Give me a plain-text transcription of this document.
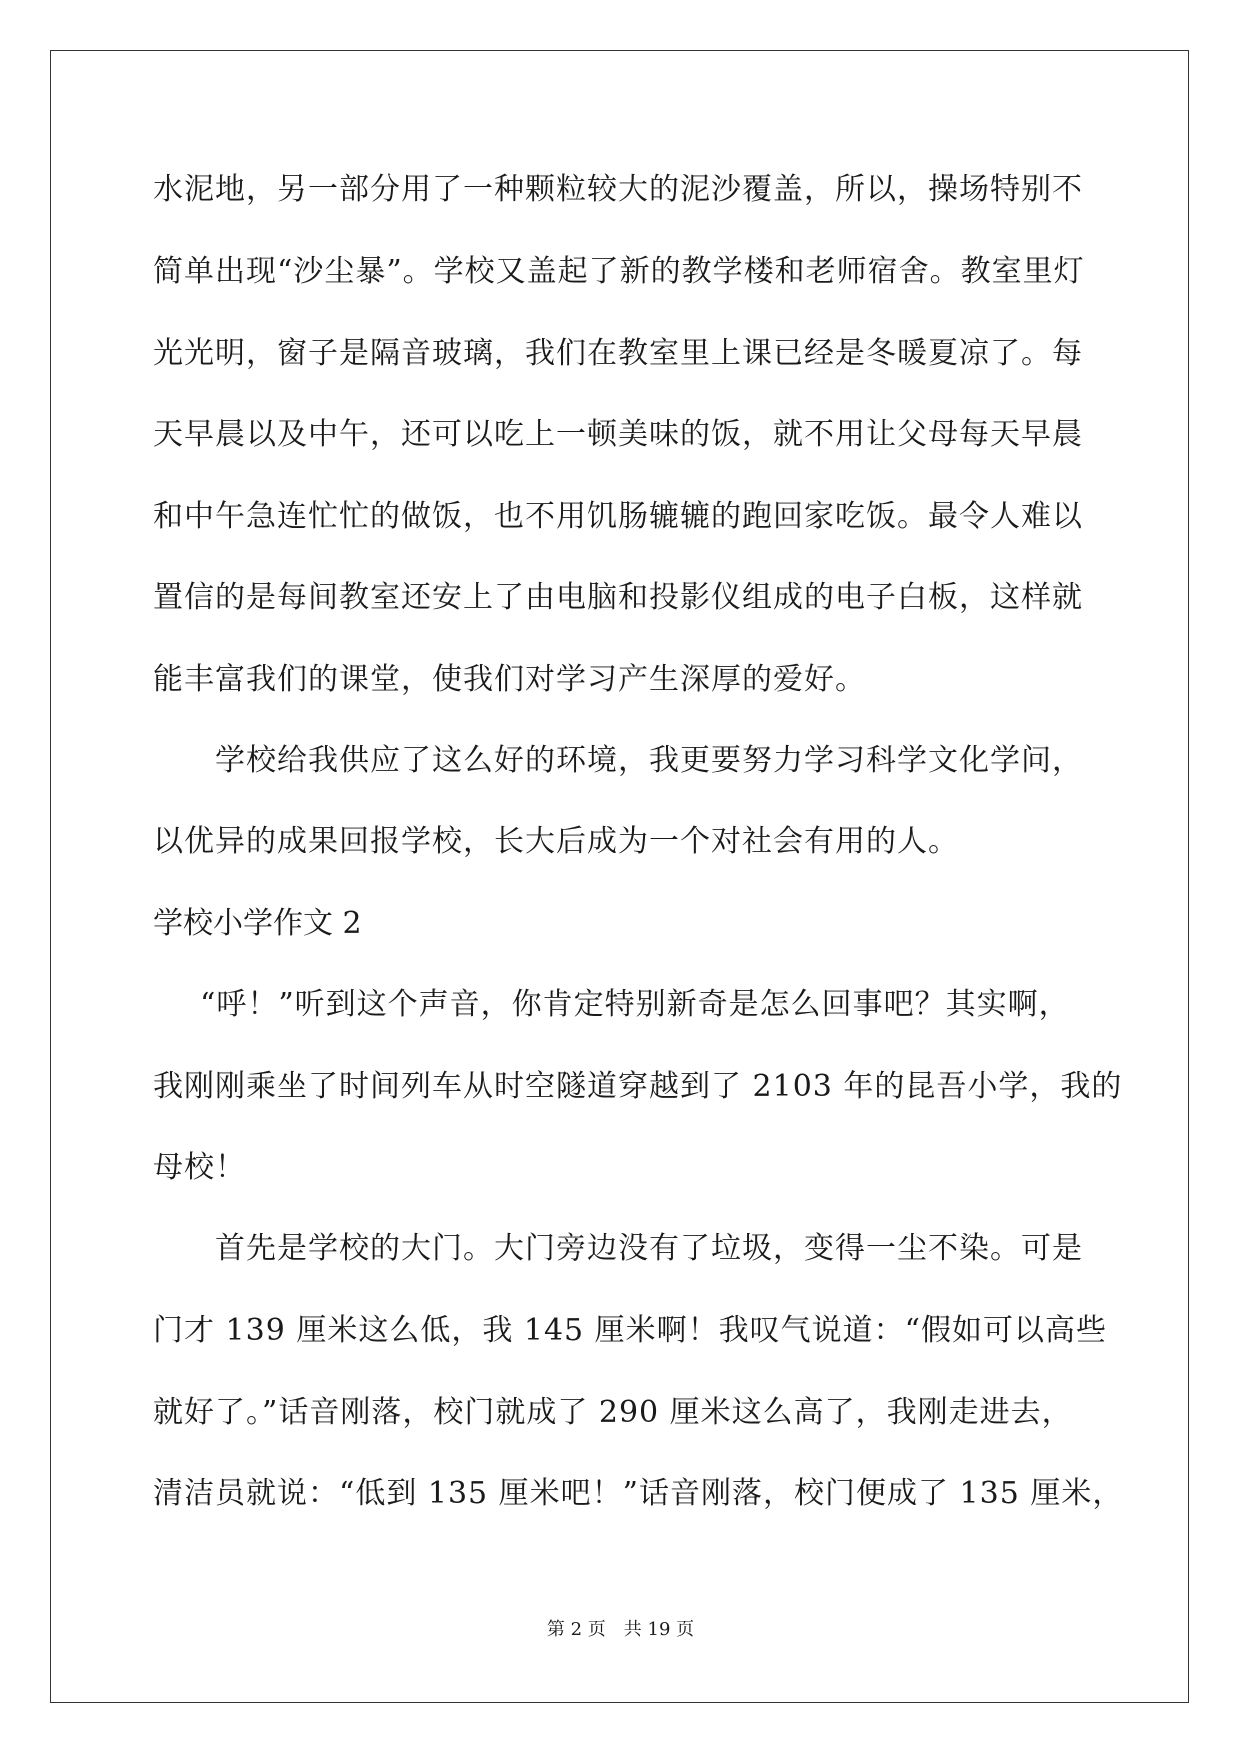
水泥地，另一部分用了一种颗粒较大的泥沙覆盖，所以，操场特别不
简单出现“沙尘暴”。学校又盖起了新的教学楼和老师宿舍。教室里灯
光光明，窗子是隔音玻璃，我们在教室里上课已经是冬暖夏凉了。每
天早晨以及中午，还可以吃上一顿美味的饭，就不用让父母每天早晨
和中午急连忙忙的做饭，也不用饥肠辘辘的跑回家吃饭。最令人难以
置信的是每间教室还安上了由电脑和投影仪组成的电子白板，这样就
能丰富我们的课堂，使我们对学习产生深厚的爱好。
学校给我供应了这么好的环境，我更要努力学习科学文化学问，
以优异的成果回报学校，长大后成为一个对社会有用的人。
学校小学作文 2
“呼！”听到这个声音，你肯定特别新奇是怎么回事吧？其实啊，
我刚刚乘坐了时间列车从时空隧道穿越到了 2103 年的昆吾小学，我的
母校！
首先是学校的大门。大门旁边没有了垃圾，变得一尘不染。可是
门才 139 厘米这么低，我 145 厘米啊！我叹气说道：“假如可以高些
就好了。”话音刚落，校门就成了 290 厘米这么高了，我刚走进去，
清洁员就说：“低到 135 厘米吧！”话音刚落，校门便成了 135 厘米，
第 2 页　共 19 页
